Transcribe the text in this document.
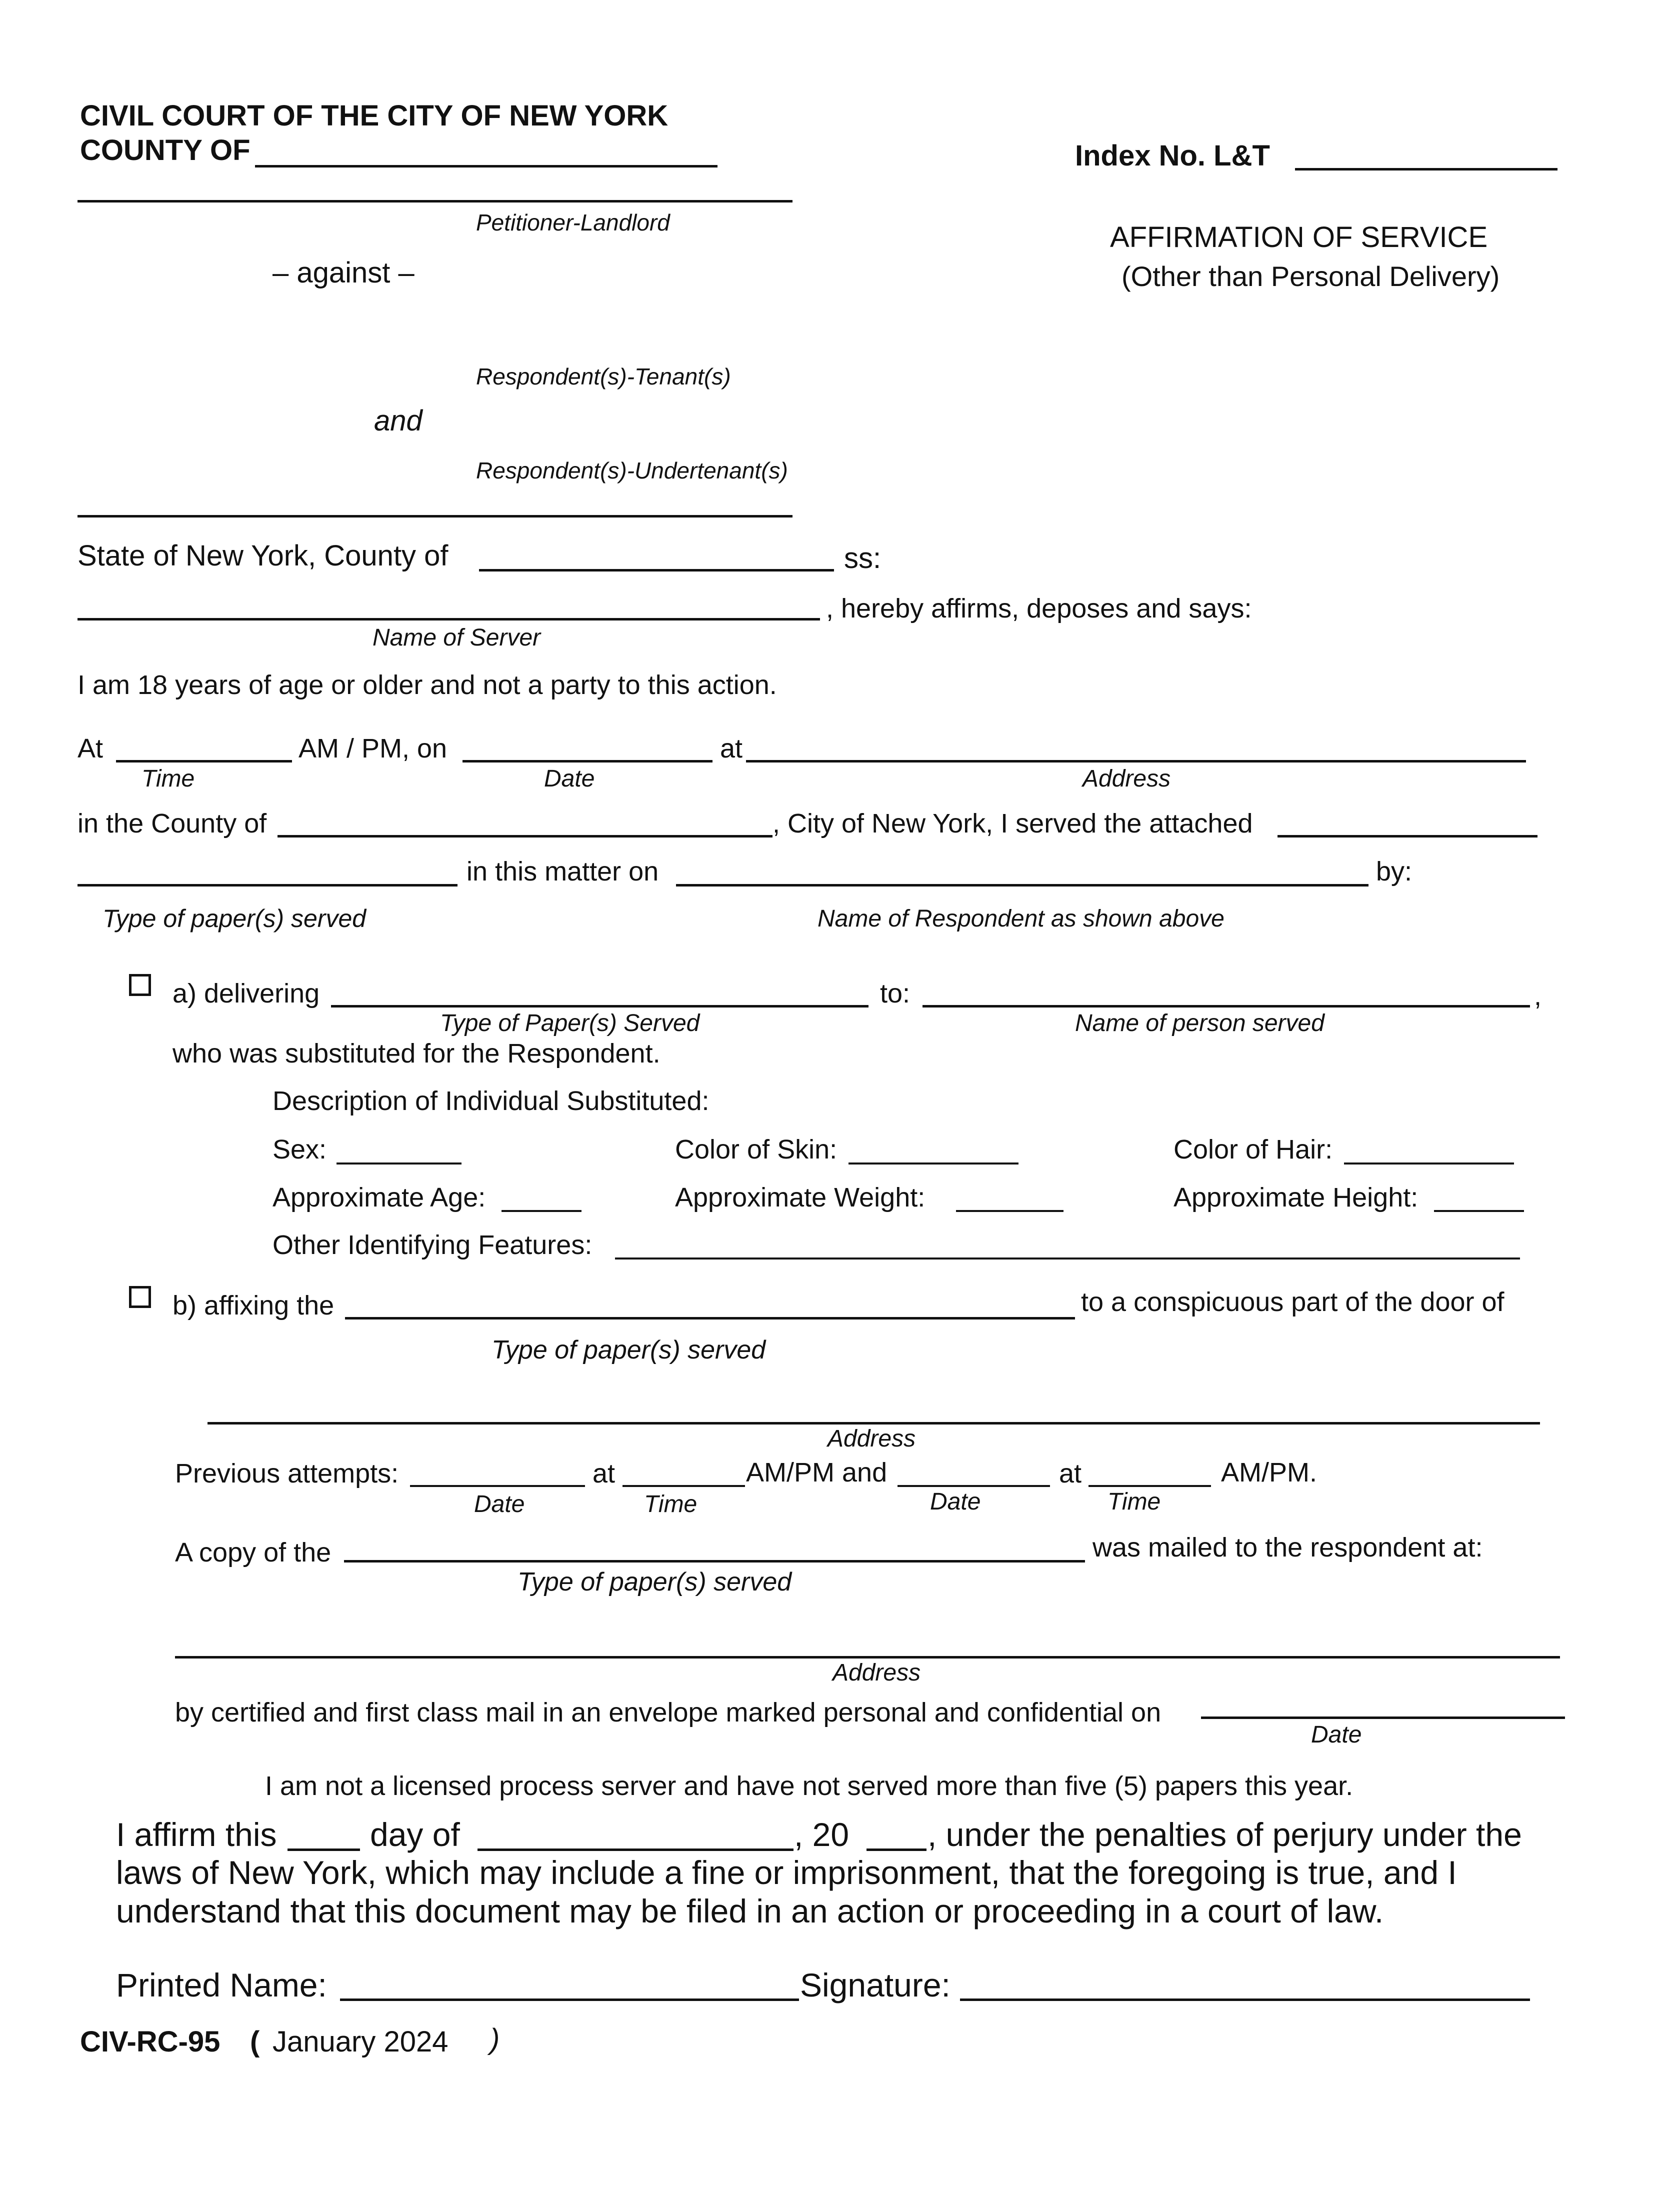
CIVIL COURT OF THE CITY OF NEW YORK
COUNTY OF	Index No. L&T
Petitioner-Landlord	AFFIRMATION OF SERVICE
(Other than Personal Delivery)
– against –
Respondent(s)-Tenant(s)
and
Respondent(s)-Undertenant(s)
State of New York, County of	ss:
, hereby affirms, deposes and says:
Name of Server
I am 18 years of age or older and not a party to this action.
At	AM / PM, on	at
Time	Date	Address
in the County of	, City of New York, I served the attached
in this matter on	by:
Type of paper(s) served	Name of Respondent as shown above
a) delivering	to:	,
Type of Paper(s) Served	Name of person served
who was substituted for the Respondent.
Description of Individual Substituted:
Sex:	Color of Skin:	Color of Hair:
Approximate Age:	Approximate Weight:	Approximate Height:
Other Identifying Features:
b) affixing the	to a conspicuous part of the door of
Type of paper(s) served
Address
Previous attempts:	at	AM/PM and	at	AM/PM.
Date	Time	Date	Time
A copy of the	was mailed to the respondent at:
Type of paper(s) served
Address
by certified and first class mail in an envelope marked personal and confidential on
Date
I am not a licensed process server and have not served more than five (5) papers this year.
I affirm this	day of	, 20 , under the penalties of perjury under the
laws of New York, which may include a fine or imprisonment, that the foregoing is true, and I
understand that this document may be filed in an action or proceeding in a court of law.
Printed Name:	Signature:
CIV-RC-95 ( January 2024 )
